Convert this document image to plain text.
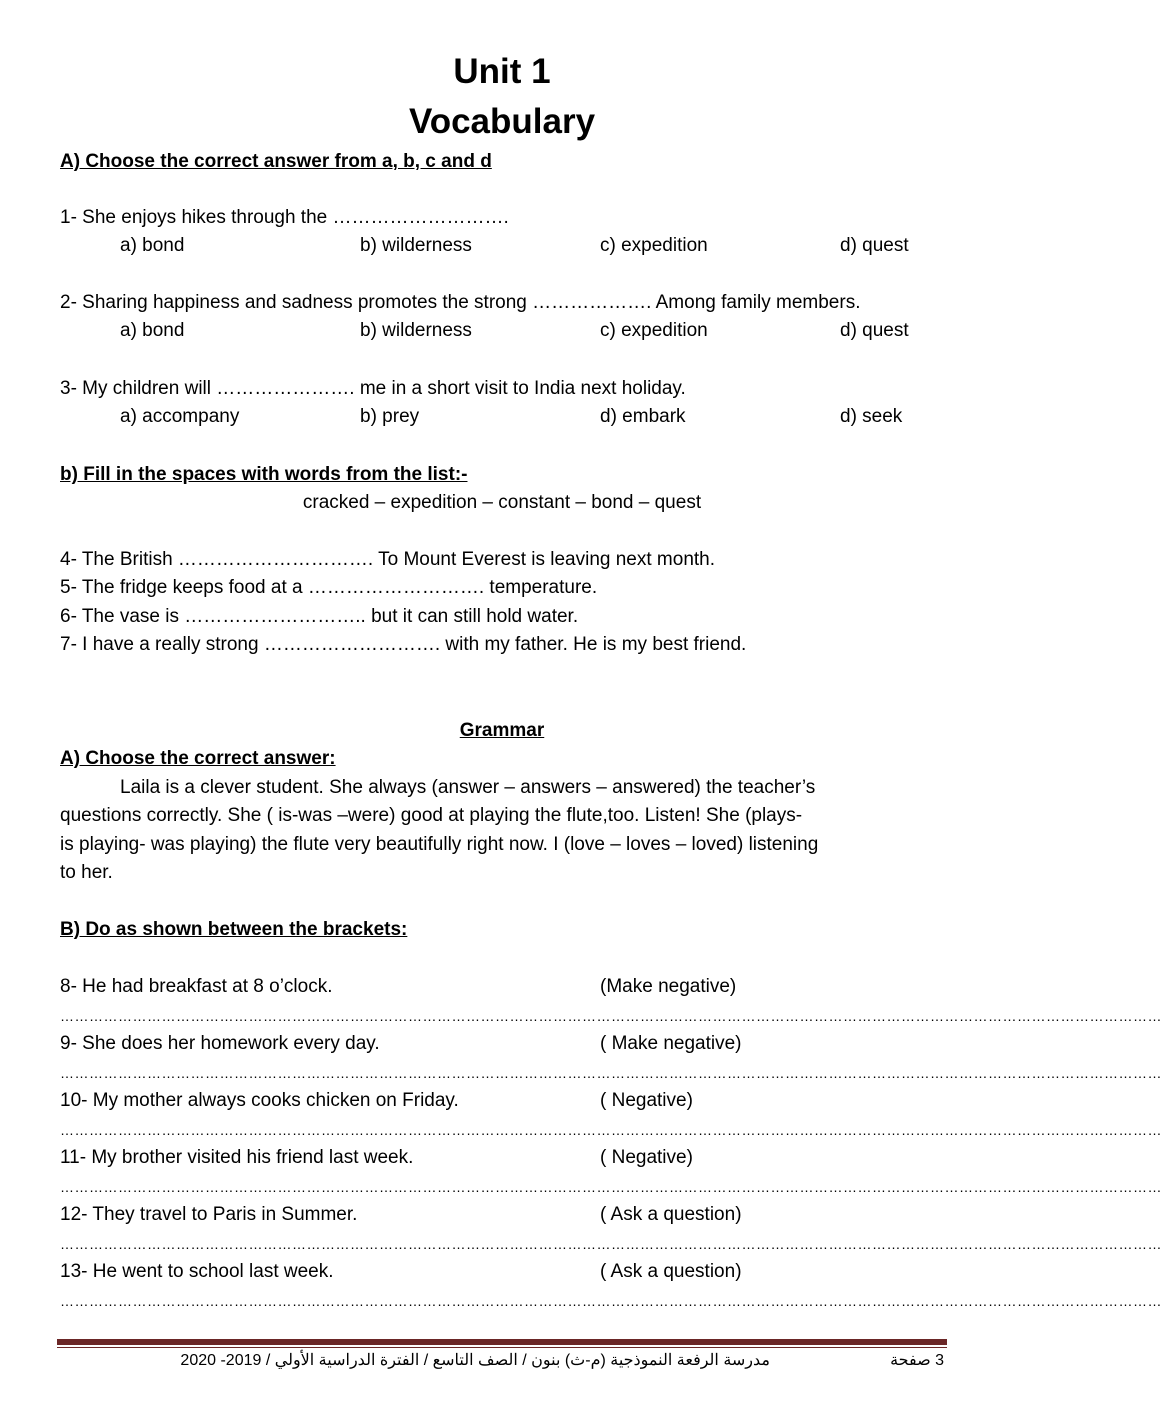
Unit 1
Vocabulary
A) Choose the correct answer from a, b, c and d
1- She enjoys hikes through the ……………………….
a) bond	b) wilderness	c) expedition	d) quest
2- Sharing happiness and sadness promotes the strong ………………. Among family members.
a) bond	b) wilderness	c) expedition	d) quest
3- My children will …………………. me in a short visit to India next holiday.
a) accompany	b) prey	d) embark	d) seek
b) Fill in the spaces with words from the list:-
cracked – expedition – constant – bond – quest
4- The British …………………………. To Mount Everest is leaving next month.
5- The fridge keeps food at a ………………………. temperature.
6- The vase is ……………………….. but it can still hold water.
7- I have a really strong ………………………. with my father. He is my best friend.
Grammar
A) Choose the correct answer:
Laila is a clever student. She always (answer – answers – answered) the teacher’s
questions correctly. She ( is-was –were) good at playing the flute,too. Listen! She (plays-
is playing- was playing) the flute very beautifully right now. I (love – loves – loved) listening
to her.
B) Do as shown between the brackets:
8- He had breakfast at 8 o’clock.	(Make negative)
…………………………………………………………………………………………………………………………………………………………………………………………………………
9- She does her homework every day.	( Make negative)
…………………………………………………………………………………………………………………………………………………………………………………………………………
10- My mother always cooks chicken on Friday.	( Negative)
…………………………………………………………………………………………………………………………………………………………………………………………………………
11- My brother visited his friend last week.	( Negative)
…………………………………………………………………………………………………………………………………………………………………………………………………………
12- They travel to Paris in Summer.	( Ask a question)
…………………………………………………………………………………………………………………………………………………………………………………………………………
13- He went to school last week.	( Ask a question)
…………………………………………………………………………………………………………………………………………………………………………………………………………
3 صفحة
مدرسة الرفعة النموذجية (م-ث) بنون / الصف التاسع / الفترة الدراسية الأولي / 2019- 2020
